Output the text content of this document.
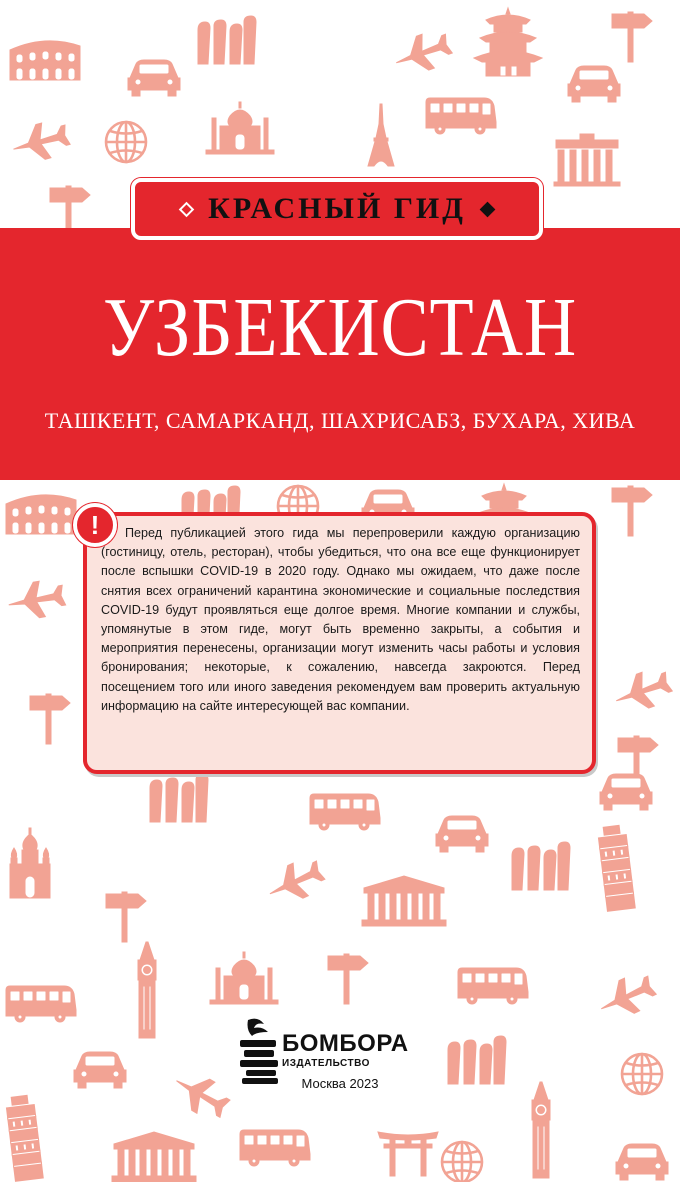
КРАСНЫЙ ГИД
УЗБЕКИСТАН
ТАШКЕНТ, САМАРКАНД, ШАХРИСАБЗ, БУХАРА, ХИВА

Перед публикацией этого гида мы перепроверили каждую организацию (гостиницу, отель, ресторан), чтобы убедиться, что она все еще функционирует после вспышки COVID-19 в 2020 году. Однако мы ожидаем, что даже после снятия всех ограничений карантина экономические и социальные последствия COVID-19 будут проявляться еще долгое время. Многие компании и службы, упомянутые в этом гиде, могут быть временно закрыты, а события и мероприятия перенесены, организации могут изменить часы работы и условия бронирования; некоторые, к сожалению, навсегда закроются. Перед посещением того или иного заведения рекомендуем вам проверить актуальную информацию на сайте интересующей вас компании.

!
БОМБОРА
ИЗДАТЕЛЬСТВО
Москва 2023
